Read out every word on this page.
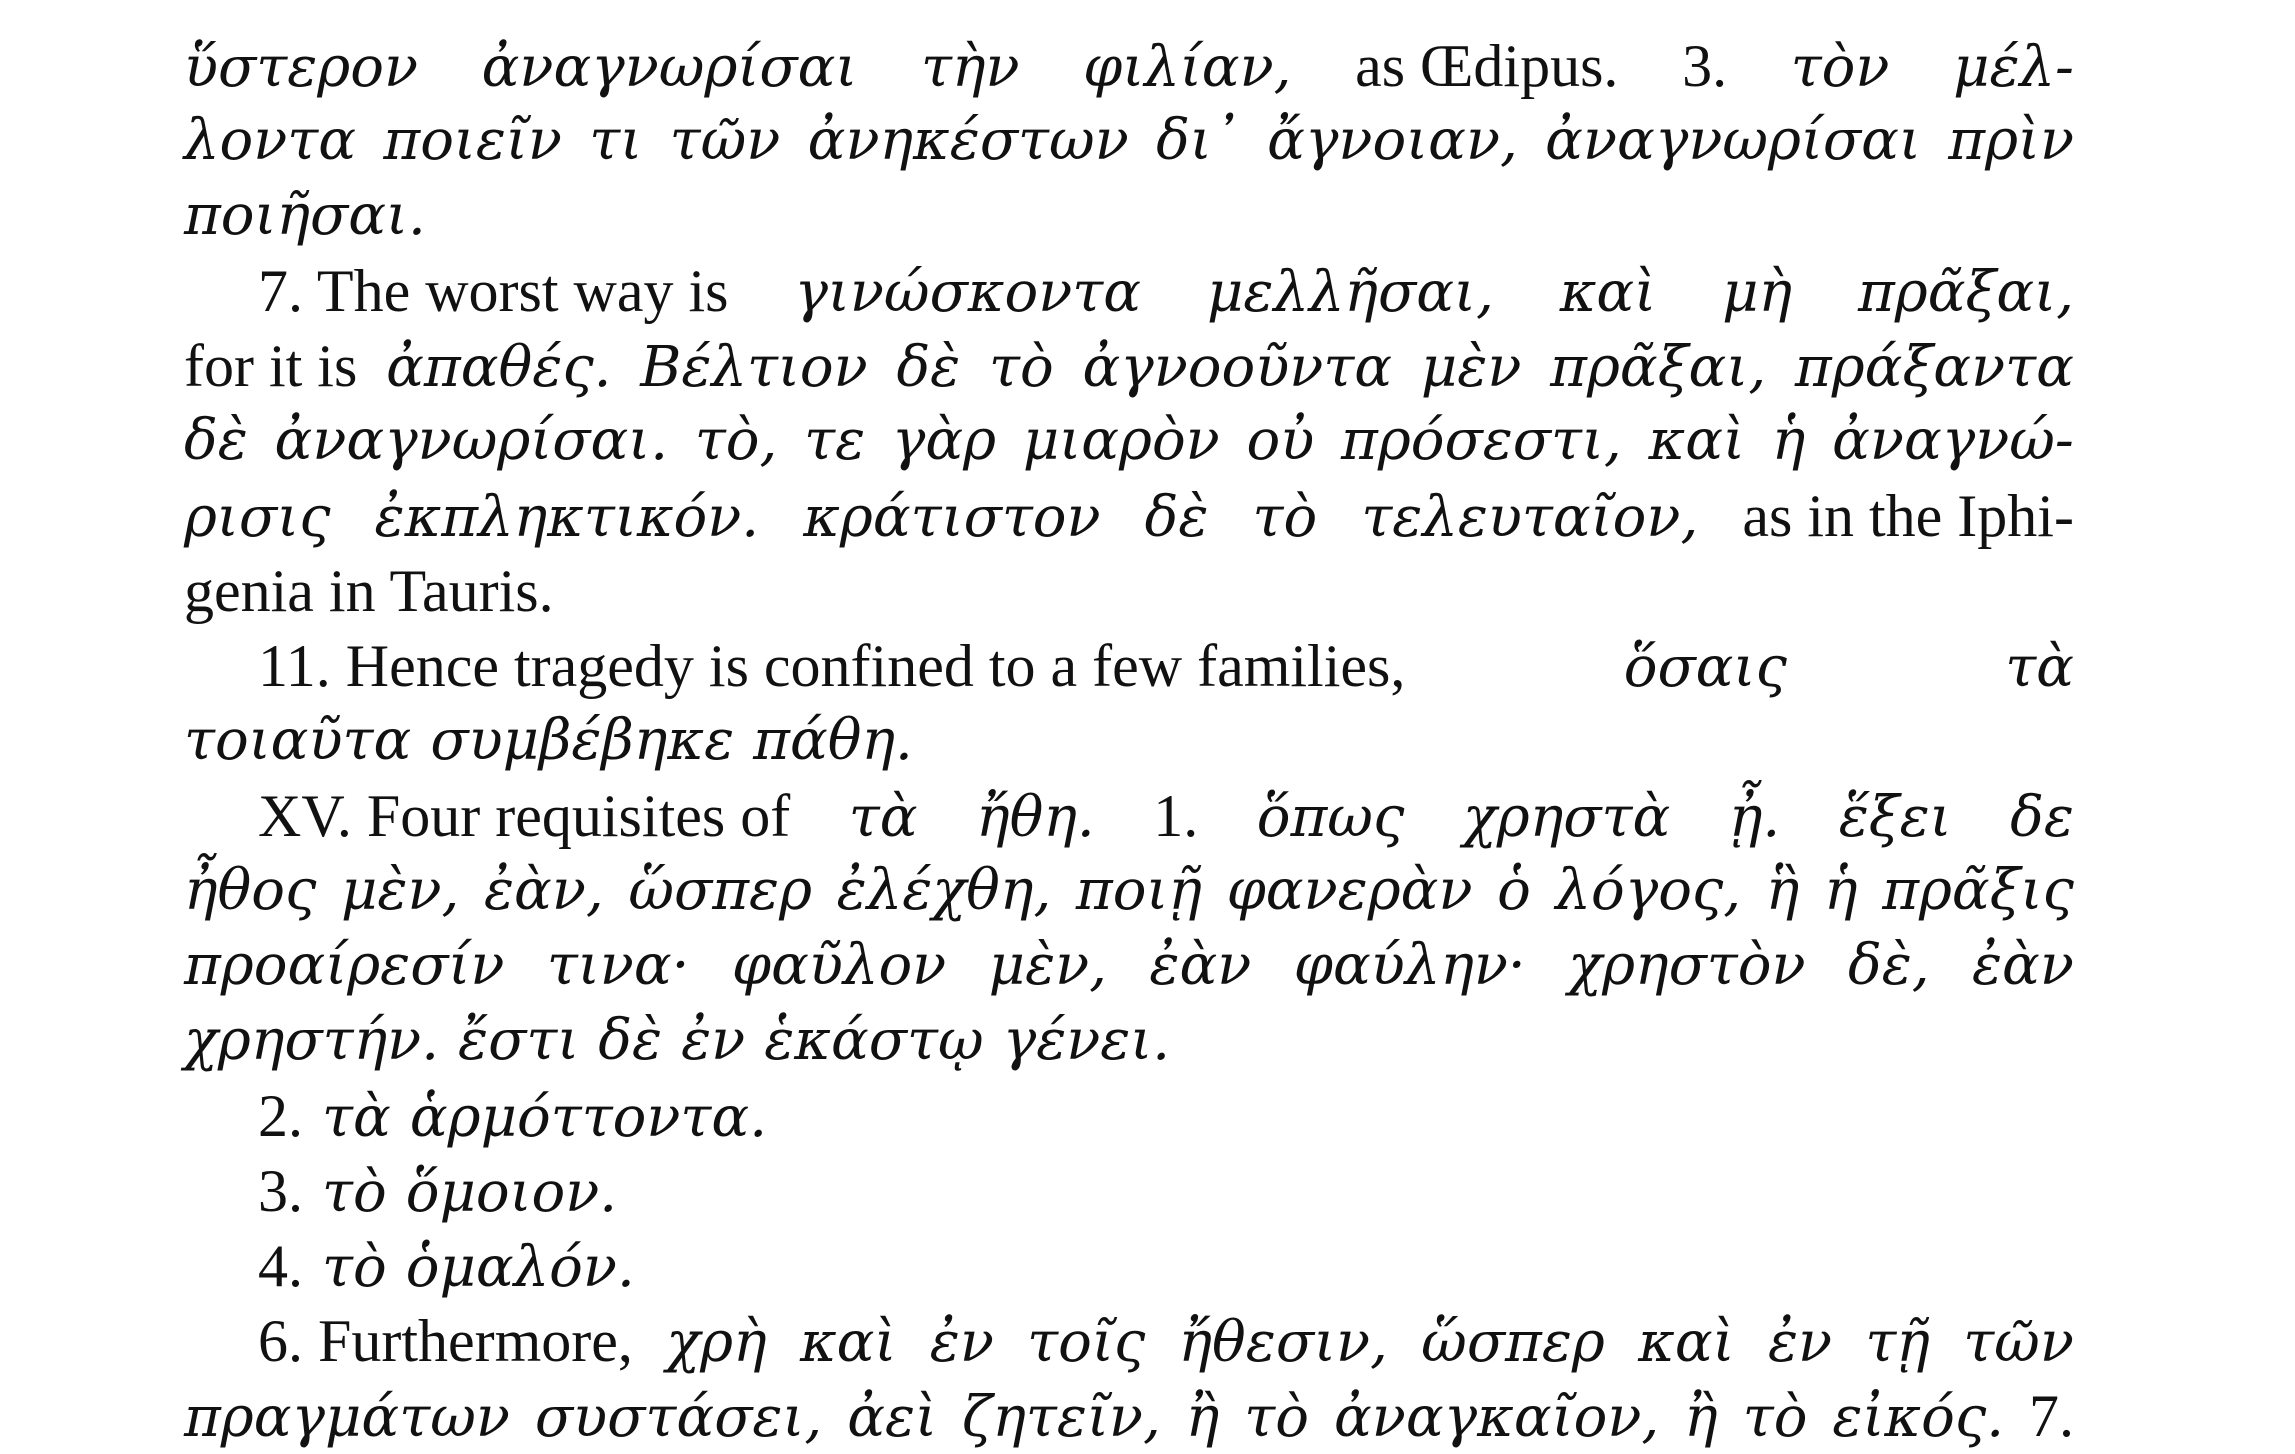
ὕστερον ἀναγνωρίσαι τὴν φιλίαν, as Œdipus. 3. τὸν μέλ-
λοντα ποιεῖν τι τῶν ἀνηκέστων δι᾽ ἄγνοιαν, ἀναγνωρίσαι πρὶν
ποιῆσαι.
7. The worst way is γινώσκοντα μελλῆσαι, καὶ μὴ πρᾶξαι,
for it is ἀπαθές. Βέλτιον δὲ τὸ ἀγνοοῦντα μὲν πρᾶξαι, πράξαντα
δὲ ἀναγνωρίσαι. τὸ, τε γὰρ μιαρὸν οὐ πρόσεστι, καὶ ἡ ἀναγνώ-
ρισις ἐκπληκτικόν. κράτιστον δὲ τὸ τελευταῖον, as in the Iphi-
genia in Tauris.
11. Hence tragedy is confined to a few families,	ὅσαις	τὰ
τοιαῦτα συμβέβηκε πάθη.
XV. Four requisites of τὰ ἤθη. 1. ὅπως χρηστὰ ᾖ. ἕξει δε
ἦθος μὲν, ἐὰν, ὥσπερ ἐλέχθη, ποιῇ φανερὰν ὁ λόγος, ἣ ἡ πρᾶξις
προαίρεσίν τινα· φαῦλον μὲν, ἐὰν φαύλην· χρηστὸν δὲ, ἐὰν
χρηστήν. ἔστι δὲ ἐν ἑκάστῳ γένει.
2. τὰ ἁρμόττοντα.
3. τὸ ὅμοιον.
4. τὸ ὁμαλόν.
6. Furthermore, χρὴ καὶ ἐν τοῖς ἤθεσιν, ὥσπερ καὶ ἐν τῇ τῶν
πραγμάτων συστάσει, ἀεὶ ζητεῖν, ἢ τὸ ἀναγκαῖον, ἢ τὸ εἰκός. 7.
